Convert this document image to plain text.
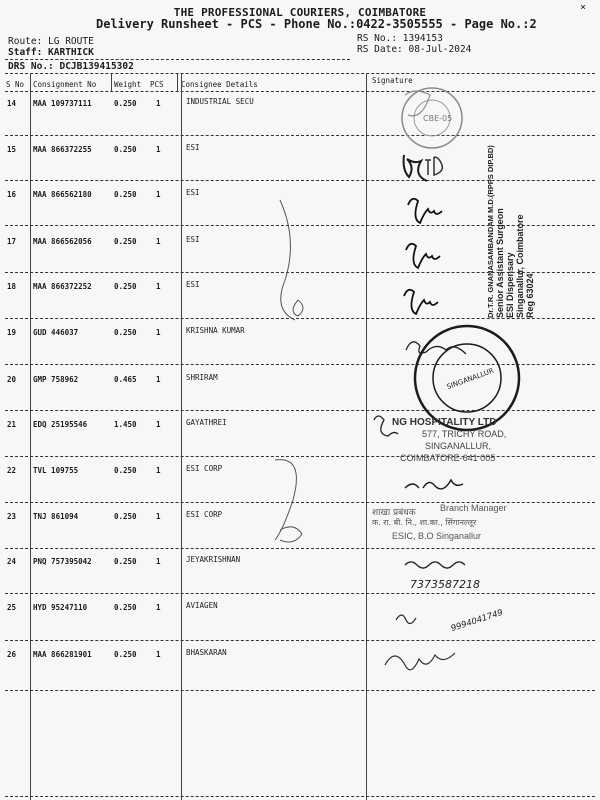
×
THE PROFESSIONAL COURIERS, COIMBATORE
Delivery Runsheet - PCS - Phone No.:0422-3505555 - Page No.:2
Route: LG ROUTE
Staff: KARTHICK
DRS No.: DCJB139415302
RS No.: 1394153
RS Date: 08-Jul-2024
S No Consignment No Weight PCS Consignee Details	Signature
14 MAA 109737111	0.250	1	INDUSTRIAL SECU
15 MAA 866372255	0.250	1	ESI
16 MAA 866562180	0.250	1	ESI
17 MAA 866562056	0.250	1	ESI
18 MAA 866372252	0.250	1	ESI
19 GUD 446037	0.250	1	KRISHNA KUMAR
20 GMP 758962	0.465	1	SHRIRAM
21 EDQ 25195546	1.450	1	GAYATHREI
22 TVL 109755	0.250	1	ESI CORP
23 TNJ 861094	0.250	1	ESI CORP
24 PNQ 757395042	0.250	1	JEYAKRISHNAN
25 HYD 95247110	0.250	1	AVIAGEN
26 MAA 866281901	0.250	1	BHASKARAN
CBE-05
SINGANALLUR
Dr.T.R. GNANASAMBANDAM M.D.(RPPS DIP.BD) Senior Assistant Surgeon ESI Dispensary Singanallur, Coimbatore Reg 63024
NG HOSPITALITY LTD
577, TRICHY ROAD,
SINGANALLUR,
COIMBATORE-641 005
शाखा प्रबंधक	Branch Manager
क. रा. बी. नि., शा.का., सिंगानल्लूर
ESIC, B.O Singanallur
7373587218
9994041749
